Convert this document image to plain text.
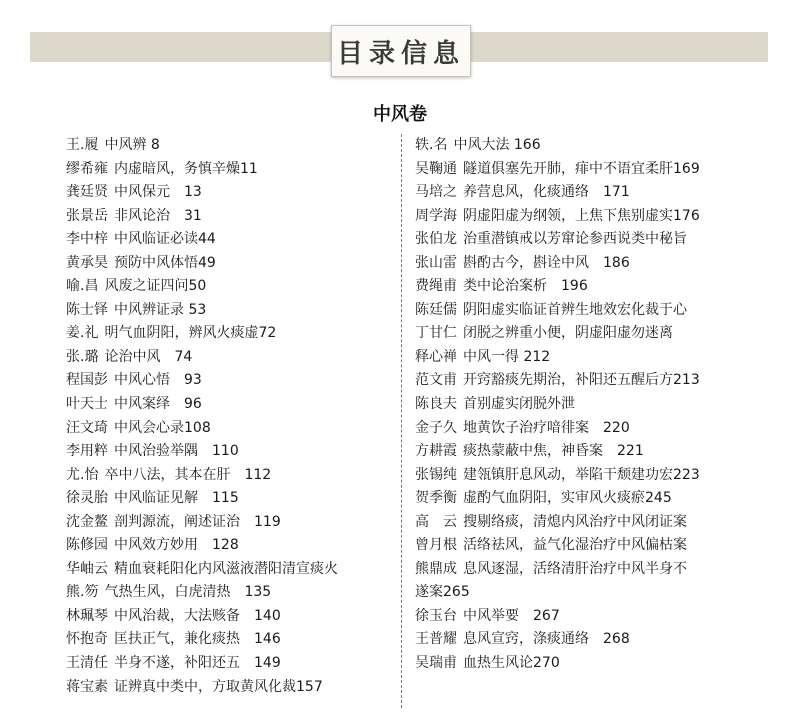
目录信息
中风卷
王.履 中风辨 8
缪希雍 内虚暗风，务慎辛燥11
龚廷贤 中风保元　13
张景岳 非风论治　31
李中梓 中风临证必读44
黄承昊 预防中风体悟49
喻.昌 风废之证四问50
陈士铎 中风辨证录 53
姜.礼 明气血阴阳，辨风火痰虚72
张.璐 论治中风　74
程国彭 中风心悟　93
叶天士 中风案绎　96
汪文琦 中风会心录108
李用粹 中风治验举隅　110
尤.怡 卒中八法，其本在肝　112
徐灵胎 中风临证见解　115
沈金鳌 剖判源流，阐述证治　119
陈修园 中风效方妙用　128
华岫云 精血衰耗阳化内风滋液潜阳清宣痰火
熊.笏 气热生风，白虎清热　135
林珮琴 中风治裁，大法赅备　140
怀抱奇 匡扶正气，兼化痰热　146
王清任 半身不遂，补阳还五　149
蒋宝素 证辨真中类中，方取黄风化裁157
轶.名 中风大法 166
吴鞠通 隧道俱塞先开肺，痱中不语宜柔肝169
马培之 养营息风，化痰通络　171
周学海 阴虚阳虚为纲领，上焦下焦别虚实176
张伯龙 治重潜镇戒以芳窜论参西说类中秘旨
张山雷 斟酌古今，斟诠中风　186
费绳甫 类中论治案析　196
陈廷儒 阴阳虚实临证首辨生地效宏化裁于心
丁甘仁 闭脱之辨重小便，阴虚阳虚勿迷离
释心禅 中风一得 212
范文甫 开窍豁痰先期治，补阳还五醒后方213
陈良夫 首别虚实闭脱外泄
金子久 地黄饮子治疗喑徘案　220
方耕霞 痰热蒙蔽中焦，神昏案　221
张锡纯 建瓴镇肝息风动，举陷干颓建功宏223
贺季衡 虚酌气血阴阳，实审风火痰瘀245
高　云 搜剔络痰，清熄内风治疗中风闭证案
曾月根 活络祛风，益气化湿治疗中风偏枯案
熊鼎成 息风逐湿，活络清肝治疗中风半身不
遂案265
徐玉台 中风举要　267
王普耀 息风宣窍，涤痰通络　268
吴瑞甫 血热生风论270
